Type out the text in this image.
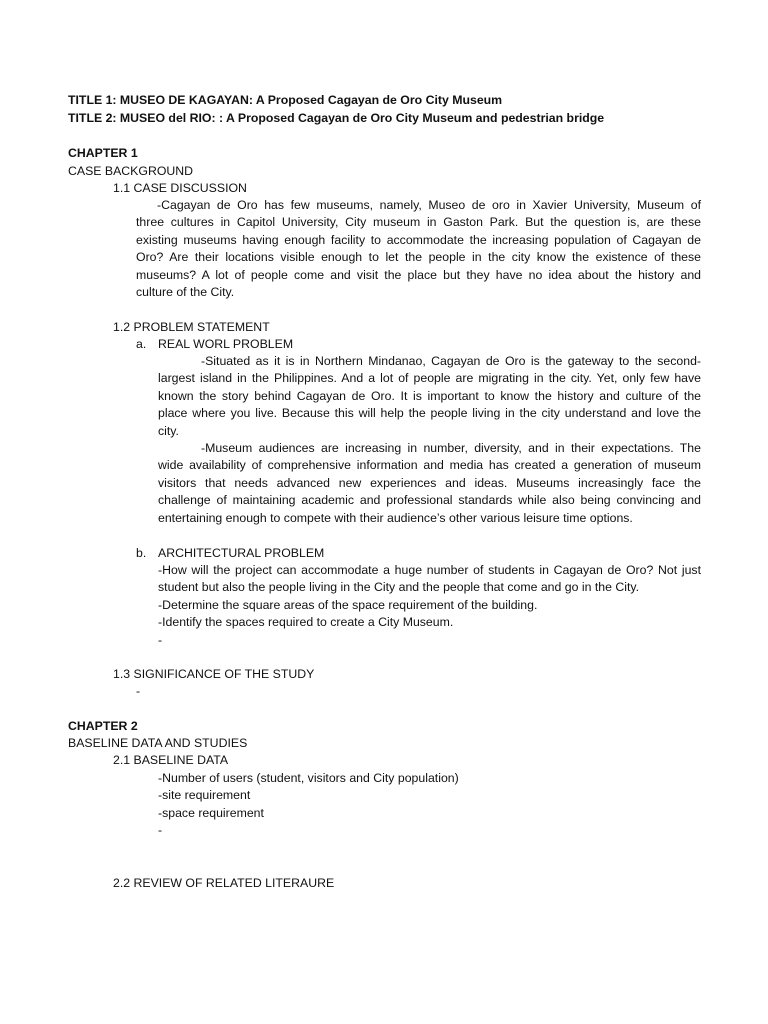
TITLE 1: MUSEO DE KAGAYAN: A Proposed Cagayan de Oro City Museum
TITLE 2: MUSEO del RIO: : A Proposed Cagayan de Oro City Museum and pedestrian bridge
CHAPTER 1
CASE BACKGROUND
1.1 CASE DISCUSSION
-Cagayan de Oro has few museums, namely, Museo de oro in Xavier University, Museum of
three cultures in Capitol University, City museum in Gaston Park. But the question is, are these
existing museums having enough facility to accommodate the increasing population of Cagayan de
Oro? Are their locations visible enough to let the people in the city know the existence of these
museums? A lot of people come and visit the place but they have no idea about the history and
culture of the City.
1.2 PROBLEM STATEMENT
a. REAL WORL PROBLEM
-Situated as it is in Northern Mindanao, Cagayan de Oro is the gateway to the second-
largest island in the Philippines. And a lot of people are migrating in the city. Yet, only few have
known the story behind Cagayan de Oro. It is important to know the history and culture of the
place where you live. Because this will help the people living in the city understand and love the
city.
-Museum audiences are increasing in number, diversity, and in their expectations. The
wide availability of comprehensive information and media has created a generation of museum
visitors that needs advanced new experiences and ideas. Museums increasingly face the
challenge of maintaining academic and professional standards while also being convincing and
entertaining enough to compete with their audience’s other various leisure time options.
b. ARCHITECTURAL PROBLEM
-How will the project can accommodate a huge number of students in Cagayan de Oro? Not just
student but also the people living in the City and the people that come and go in the City.
-Determine the square areas of the space requirement of the building.
-Identify the spaces required to create a City Museum.
-
1.3 SIGNIFICANCE OF THE STUDY
-
CHAPTER 2
BASELINE DATA AND STUDIES
2.1 BASELINE DATA
-Number of users (student, visitors and City population)
-site requirement
-space requirement
-
2.2 REVIEW OF RELATED LITERAURE
